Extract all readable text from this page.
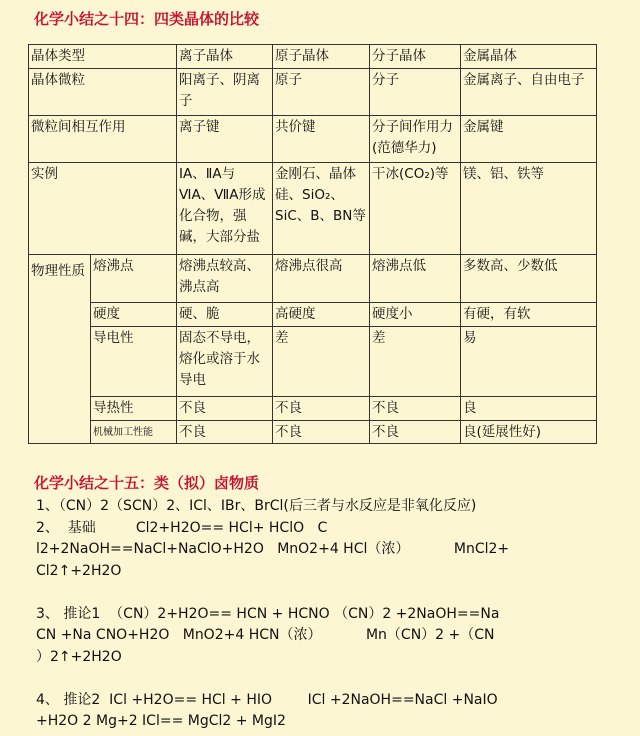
化学小结之十四：四类晶体的比较
晶体类型		离子晶体	原子晶体	分子晶体	金属晶体
晶体微粒		阳离子、阴离子	原子	分子	金属离子、自由电子
微粒间相互作用		离子键	共价键	分子间作用力(范德华力)	金属键
实例		ⅠA、ⅡA与ⅥA、ⅦA形成化合物，强碱，大部分盐	金刚石、晶体硅、SiO₂、SiC、B、BN等	干冰(CO₂)等	镁、铝、铁等
物理性质	熔沸点	熔沸点较高、沸点高	熔沸点很高	熔沸点低	多数高、少数低
	硬度	硬、脆	高硬度	硬度小	有硬，有软
	导电性	固态不导电，熔化或溶于水导电	差	差	易
	导热性	不良	不良	不良	良
	机械加工性能	不良	不良	不良	良(延展性好)
化学小结之十五：类（拟）卤物质
1、（CN）2（SCN）2、ICl、IBr、BrCl(后三者与水反应是非氧化反应)
2、  基础         Cl2+H2O== HCl+ HClO   C
l2+2NaOH==NaCl+NaClO+H2O   MnO2+4 HCl（浓）          MnCl2+
Cl2↑+2H2O
3、 推论1  （CN）2+H2O== HCN + HCNO （CN）2 +2NaOH==Na
CN +Na CNO+H2O   MnO2+4 HCN（浓）          Mn（CN）2 +（CN
）2↑+2H2O
4、 推论2  ICl +H2O== HCl + HIO        ICl +2NaOH==NaCl +NaIO
+H2O 2 Mg+2 ICl== MgCl2 + MgI2
